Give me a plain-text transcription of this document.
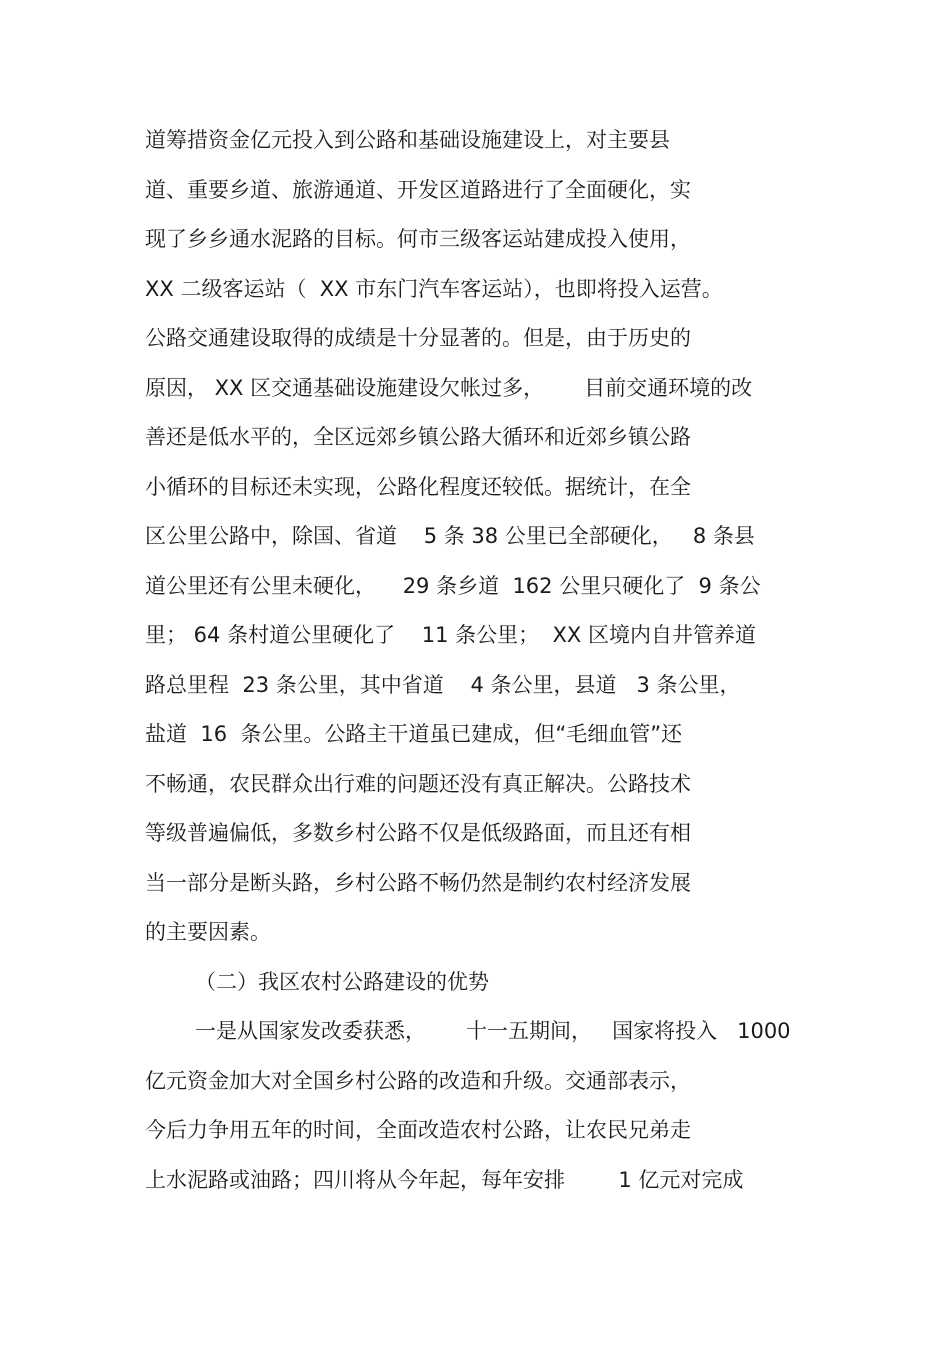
道筹措资金亿元投入到公路和基础设施建设上，对主要县
道、重要乡道、旅游通道、开发区道路进行了全面硬化，实
现了乡乡通水泥路的目标。何市三级客运站建成投入使用，
XX 二级客运站（  XX 市东门汽车客运站），也即将投入运营。
公路交通建设取得的成绩是十分显著的。但是，由于历史的
原因， XX 区交通基础设施建设欠帐过多，      目前交通环境的改
善还是低水平的，全区远郊乡镇公路大循环和近郊乡镇公路
小循环的目标还未实现，公路化程度还较低。据统计，在全
区公里公路中，除国、省道    5 条 38 公里已全部硬化，   8 条县
道公里还有公里未硬化，    29 条乡道  162 公里只硬化了  9 条公
里； 64 条村道公里硬化了    11 条公里；  XX 区境内自井管养道
路总里程  23 条公里，其中省道    4 条公里，县道   3 条公里，
盐道  16  条公里。公路主干道虽已建成，但“毛细血管”还
不畅通，农民群众出行难的问题还没有真正解决。公路技术
等级普遍偏低，多数乡村公路不仅是低级路面，而且还有相
当一部分是断头路，乡村公路不畅仍然是制约农村经济发展
的主要因素。
（二）我区农村公路建设的优势
一是从国家发改委获悉，      十一五期间，   国家将投入   1000
亿元资金加大对全国乡村公路的改造和升级。交通部表示，
今后力争用五年的时间，全面改造农村公路，让农民兄弟走
上水泥路或油路；四川将从今年起，每年安排        1 亿元对完成
